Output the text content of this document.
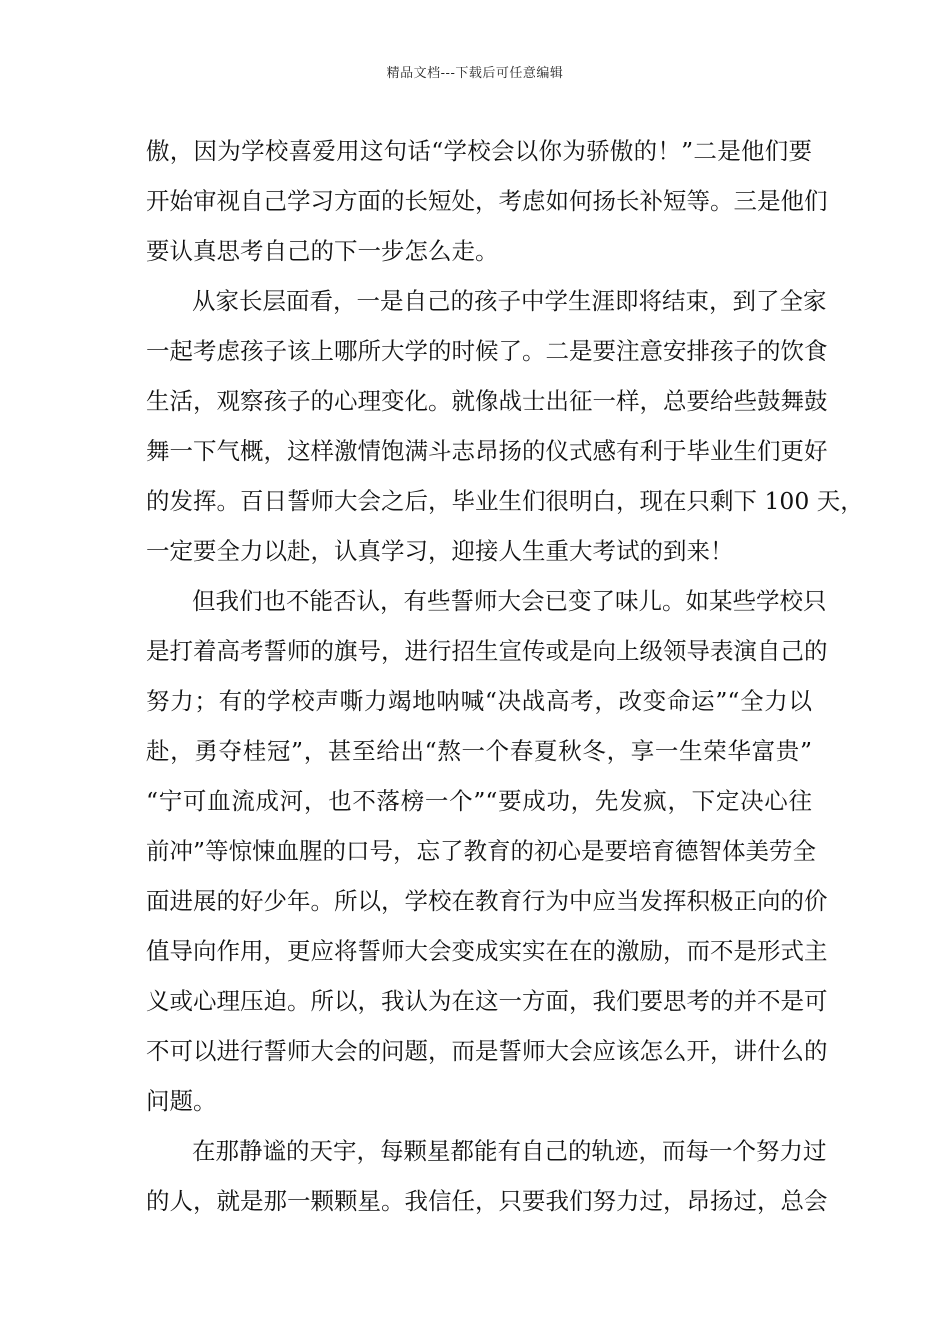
精品文档---下载后可任意编辑
傲，因为学校喜爱用这句话“学校会以你为骄傲的！”二是他们要
开始审视自己学习方面的长短处，考虑如何扬长补短等。三是他们
要认真思考自己的下一步怎么走。
从家长层面看，一是自己的孩子中学生涯即将结束，到了全家
一起考虑孩子该上哪所大学的时候了。二是要注意安排孩子的饮食
生活，观察孩子的心理变化。就像战士出征一样，总要给些鼓舞鼓
舞一下气概，这样激情饱满斗志昂扬的仪式感有利于毕业生们更好
的发挥。百日誓师大会之后，毕业生们很明白，现在只剩下 100 天，
一定要全力以赴，认真学习，迎接人生重大考试的到来！
但我们也不能否认，有些誓师大会已变了味儿。如某些学校只
是打着高考誓师的旗号，进行招生宣传或是向上级领导表演自己的
努力；有的学校声嘶力竭地呐喊“决战高考，改变命运”“全力以
赴，勇夺桂冠”，甚至给出“熬一个春夏秋冬，享一生荣华富贵”
“宁可血流成河，也不落榜一个”“要成功，先发疯，下定决心往
前冲”等惊悚血腥的口号，忘了教育的初心是要培育德智体美劳全
面进展的好少年。所以，学校在教育行为中应当发挥积极正向的价
值导向作用，更应将誓师大会变成实实在在的激励，而不是形式主
义或心理压迫。所以，我认为在这一方面，我们要思考的并不是可
不可以进行誓师大会的问题，而是誓师大会应该怎么开，讲什么的
问题。
在那静谧的天宇，每颗星都能有自己的轨迹，而每一个努力过
的人，就是那一颗颗星。我信任，只要我们努力过，昂扬过，总会
